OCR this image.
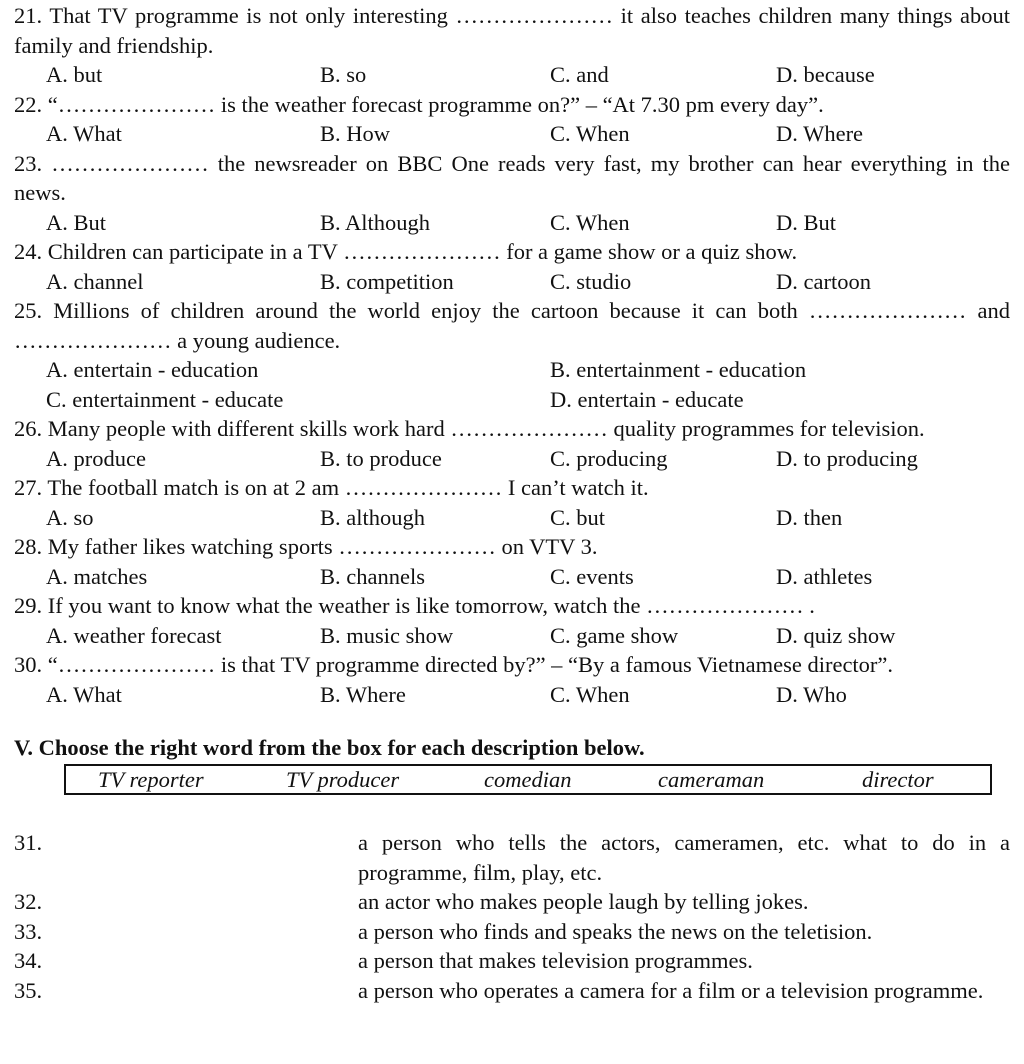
21. That TV programme is not only interesting ………………… it also teaches children many things about family and friendship.
A. but	B. so	C. and	D. because
22. “………………… is the weather forecast programme on?” – “At 7.30 pm every day”.
A. What	B. How	C. When	D. Where
23. ………………… the newsreader on BBC One reads very fast, my brother can hear everything in the news.
A. But	B. Although	C. When	D. But
24. Children can participate in a TV ………………… for a game show or a quiz show.
A. channel	B. competition	C. studio	D. cartoon
25. Millions of children around the world enjoy the cartoon because it can both ………………… and ………………… a young audience.
A. entertain - education	B. entertainment - education
C. entertainment - educate	D. entertain - educate
26. Many people with different skills work hard ………………… quality programmes for television.
A. produce	B. to produce	C. producing	D. to producing
27. The football match is on at 2 am ………………… I can’t watch it.
A. so	B. although	C. but	D. then
28. My father likes watching sports ………………… on VTV 3.
A. matches	B. channels	C. events	D. athletes
29. If you want to know what the weather is like tomorrow, watch the ………………… .
A. weather forecast	B. music show	C. game show	D. quiz show
30. “………………… is that TV programme directed by?” – “By a famous Vietnamese director”.
A. What	B. Where	C. When	D. Who
V. Choose the right word from the box for each description below.
TV reporter	TV producer	comedian	cameraman	director
31.	a person who tells the actors, cameramen, etc. what to do in a programme, film, play, etc.
32.	an actor who makes people laugh by telling jokes.
33.	a person who finds and speaks the news on the teletision.
34.	a person that makes television programmes.
35.	a person who operates a camera for a film or a television programme.
